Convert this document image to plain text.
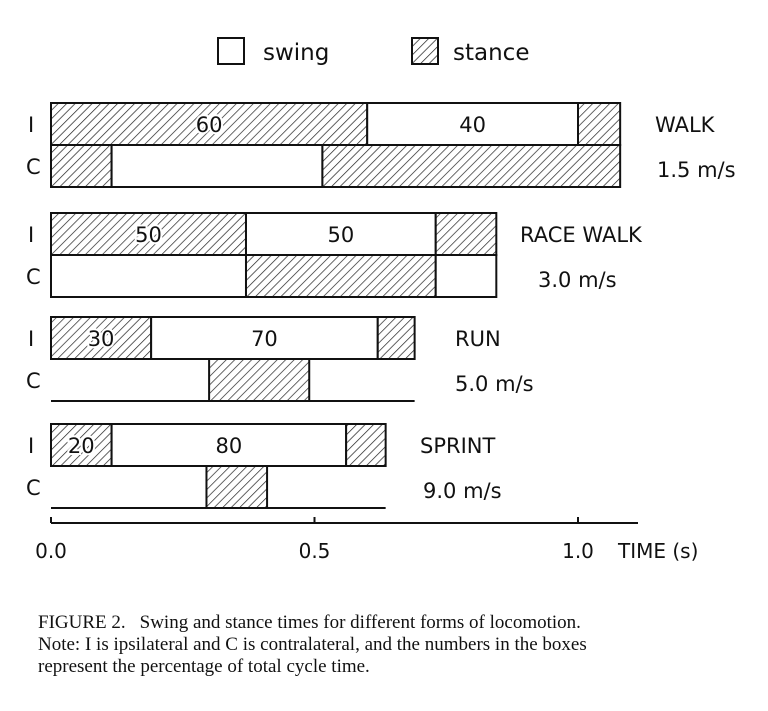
swing	stance
I
C
60	40	WALK
1.5 m/s
I
C
50	50	RACE WALK
3.0 m/s
I
C
30	70	RUN
5.0 m/s
I
C
20	80	SPRINT
9.0 m/s
0.0	0.5	1.0 TIME (s)
FIGURE 2. Swing and stance times for different forms of locomotion.
Note: I is ipsilateral and C is contralateral, and the numbers in the boxes
represent the percentage of total cycle time.
